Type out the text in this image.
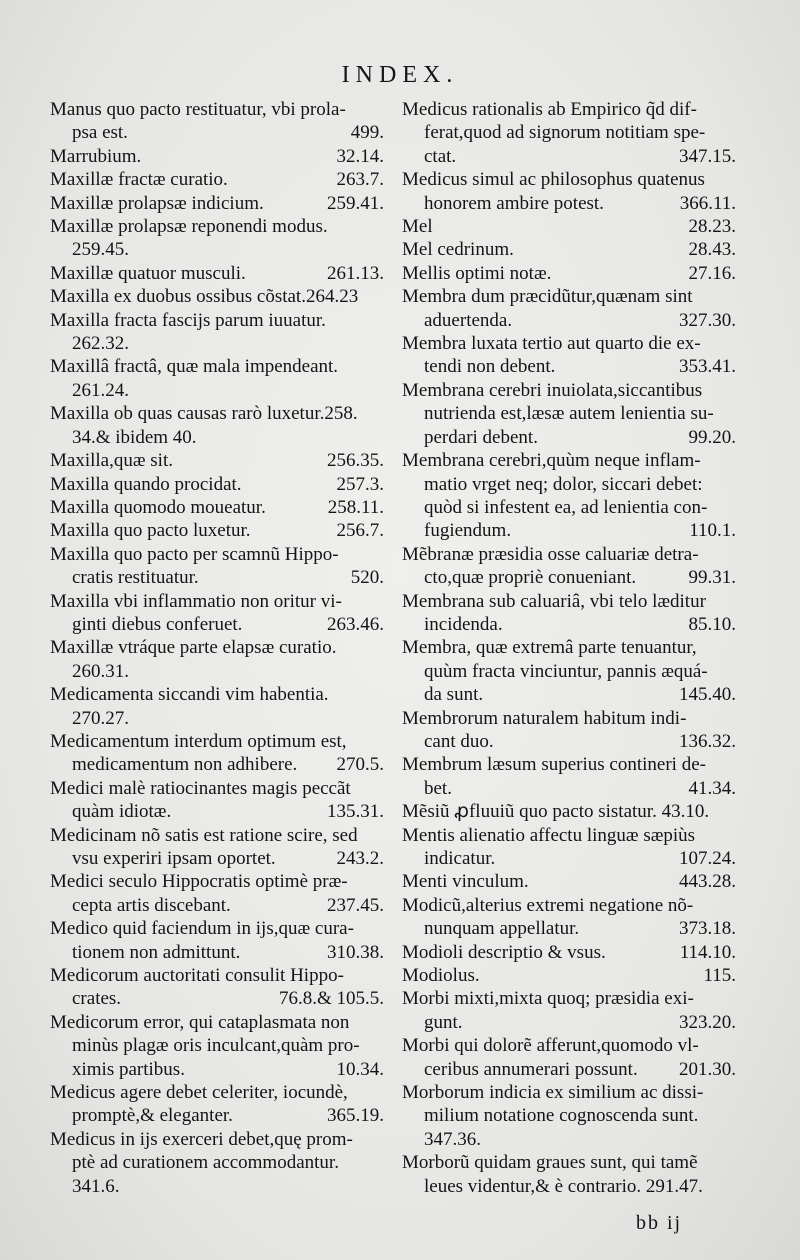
INDEX.
Manus quo pacto restituatur, vbi prola-
psa est.	499.
Marrubium.	32.14.
Maxillæ fractæ curatio.	263.7.
Maxillæ prolapsæ indicium.	259.41.
Maxillæ prolapsæ reponendi modus.
259.45.
Maxillæ quatuor musculi.	261.13.
Maxilla ex duobus ossibus cõstat.264.23
Maxilla fracta fascijs parum iuuatur.
262.32.
Maxillâ fractâ, quæ mala impendeant.
261.24.
Maxilla ob quas causas rarò luxetur.258.
34.& ibidem 40.
Maxilla,quæ sit.	256.35.
Maxilla quando procidat.	257.3.
Maxilla quomodo moueatur.	258.11.
Maxilla quo pacto luxetur.	256.7.
Maxilla quo pacto per scamnũ Hippo-
cratis restituatur.	520.
Maxilla vbi inflammatio non oritur vi-
ginti diebus conferuet.	263.46.
Maxillæ vtráque parte elapsæ curatio.
260.31.
Medicamenta siccandi vim habentia.
270.27.
Medicamentum interdum optimum est,
medicamentum non adhibere.	270.5.
Medici malè ratiocinantes magis peccãt
quàm idiotæ.	135.31.
Medicinam nõ satis est ratione scire, sed
vsu experiri ipsam oportet.	243.2.
Medici seculo Hippocratis optimè præ-
cepta artis discebant.	237.45.
Medico quid faciendum in ijs,quæ cura-
tionem non admittunt.	310.38.
Medicorum auctoritati consulit Hippo-
crates.	76.8.& 105.5.
Medicorum error, qui cataplasmata non
minùs plagæ oris inculcant,quàm pro-
ximis partibus.	10.34.
Medicus agere debet celeriter, iocundè,
promptè,& eleganter.	365.19.
Medicus in ijs exerceri debet,quę prom-
ptè ad curationem accommodantur.
341.6.
Medicus rationalis ab Empirico q̃d dif-
ferat,quod ad signorum notitiam spe-
ctat.	347.15.
Medicus simul ac philosophus quatenus
honorem ambire potest.	366.11.
Mel	28.23.
Mel cedrinum.	28.43.
Mellis optimi notæ.	27.16.
Membra dum præcidũtur,quænam sint
aduertenda.	327.30.
Membra luxata tertio aut quarto die ex-
tendi non debent.	353.41.
Membrana cerebri inuiolata,siccantibus
nutrienda est,læsæ autem lenientia su-
perdari debent.	99.20.
Membrana cerebri,quùm neque inflam-
matio vrget neq; dolor, siccari debet:
quòd si infestent ea, ad lenientia con-
fugiendum.	110.1.
Mẽbranæ præsidia osse caluariæ detra-
cto,quæ propriè conueniant.	99.31.
Membrana sub caluariâ, vbi telo læditur
incidenda.	85.10.
Membra, quæ extremâ parte tenuantur,
quùm fracta vinciuntur, pannis æquá-
da sunt.	145.40.
Membrorum naturalem habitum indi-
cant duo.	136.32.
Membrum læsum superius contineri de-
bet.	41.34.
Mẽsiũ ꝓfluuiũ quo pacto sistatur. 43.10.
Mentis alienatio affectu linguæ sæpiùs
indicatur.	107.24.
Menti vinculum.	443.28.
Modicũ,alterius extremi negatione nõ-
nunquam appellatur.	373.18.
Modioli descriptio & vsus.	114.10.
Modiolus.	115.
Morbi mixti,mixta quoq; præsidia exi-
gunt.	323.20.
Morbi qui dolorẽ afferunt,quomodo vl-
ceribus annumerari possunt.	201.30.
Morborum indicia ex similium ac dissi-
milium notatione cognoscenda sunt.
347.36.
Morborũ quidam graues sunt, qui tamẽ
leues videntur,& è contrario. 291.47.
bb ij
